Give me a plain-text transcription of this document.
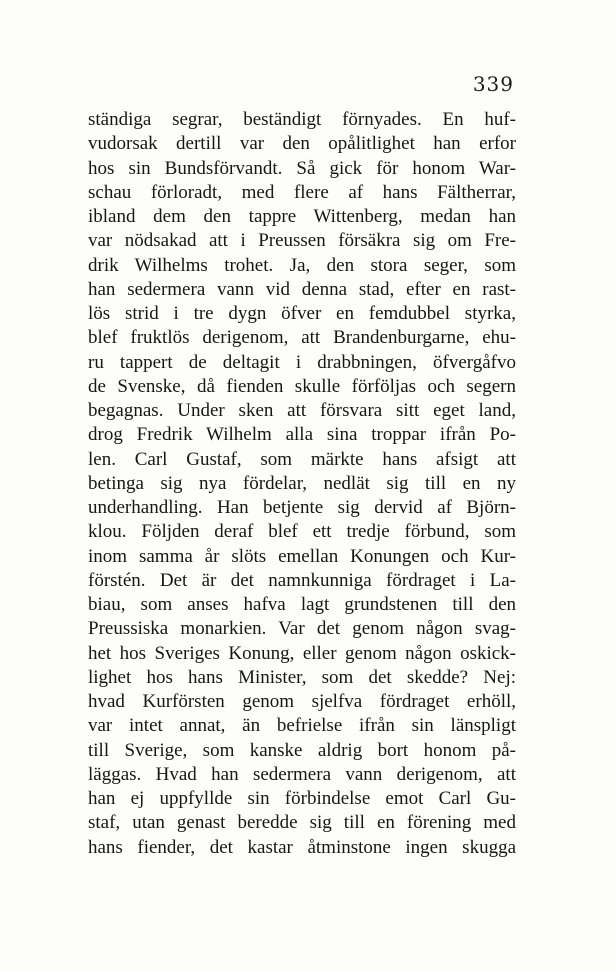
339
ständiga segrar, beständigt förnyades. En huf-
vudorsak dertill var den opålitlighet han erfor
hos sin Bundsförvandt. Så gick för honom War-
schau förloradt, med flere af hans Fältherrar,
ibland dem den tappre Wittenberg, medan han
var nödsakad att i Preussen försäkra sig om Fre-
drik Wilhelms trohet. Ja, den stora seger, som
han sedermera vann vid denna stad, efter en rast-
lös strid i tre dygn öfver en femdubbel styrka,
blef fruktlös derigenom, att Brandenburgarne, ehu-
ru tappert de deltagit i drabbningen, öfvergåfvo
de Svenske, då fienden skulle förföljas och segern
begagnas. Under sken att försvara sitt eget land,
drog Fredrik Wilhelm alla sina troppar ifrån Po-
len. Carl Gustaf, som märkte hans afsigt att
betinga sig nya fördelar, nedlät sig till en ny
underhandling. Han betjente sig dervid af Björn-
klou. Följden deraf blef ett tredje förbund, som
inom samma år slöts emellan Konungen och Kur-
förstén. Det är det namnkunniga fördraget i La-
biau, som anses hafva lagt grundstenen till den
Preussiska monarkien. Var det genom någon svag-
het hos Sveriges Konung, eller genom någon oskick-
lighet hos hans Minister, som det skedde? Nej:
hvad Kurförsten genom sjelfva fördraget erhöll,
var intet annat, än befrielse ifrån sin länspligt
till Sverige, som kanske aldrig bort honom på-
läggas. Hvad han sedermera vann derigenom, att
han ej uppfyllde sin förbindelse emot Carl Gu-
staf, utan genast beredde sig till en förening med
hans fiender, det kastar åtminstone ingen skugga
